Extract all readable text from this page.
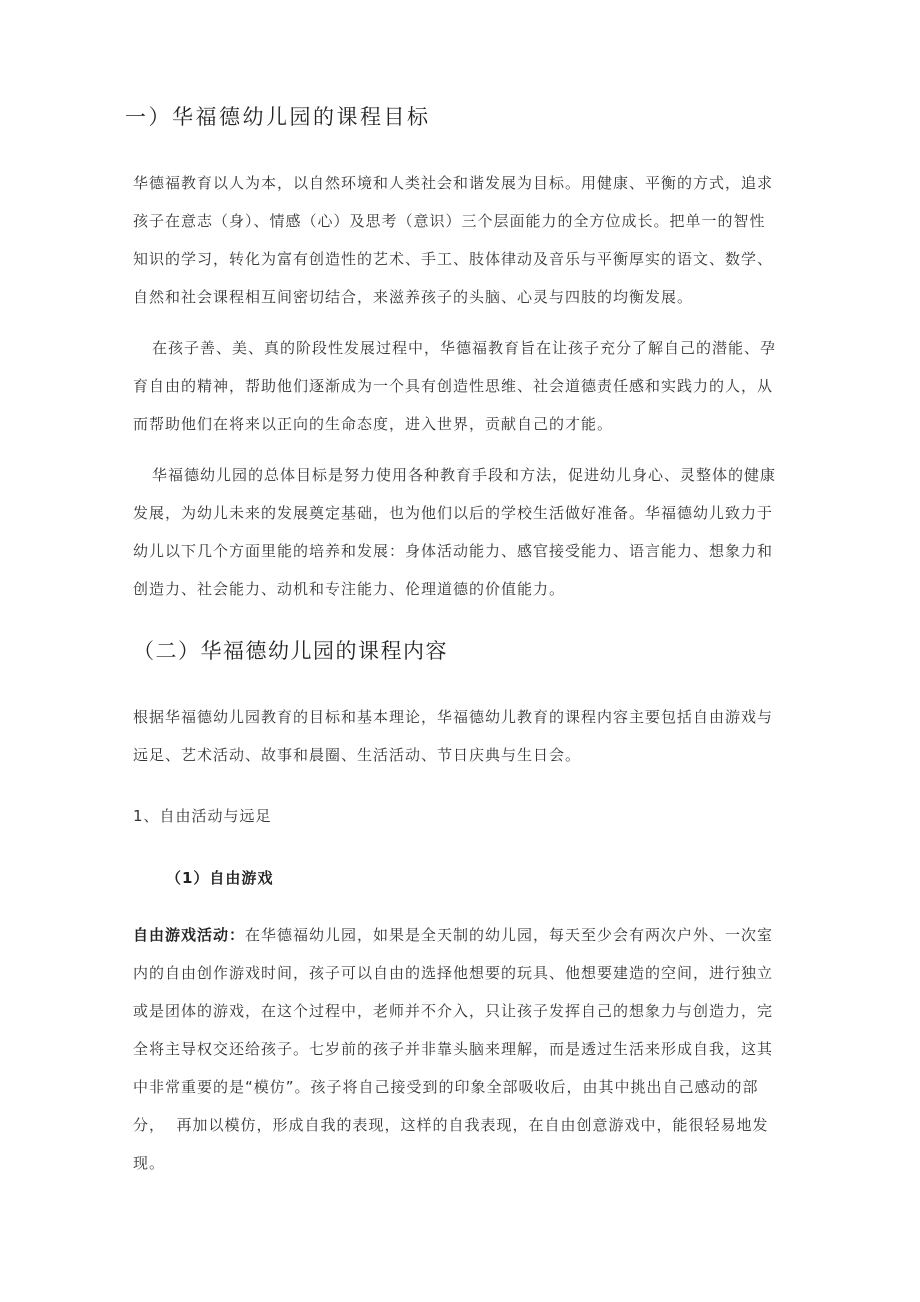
一）华福德幼儿园的课程目标
华德福教育以人为本，以自然环境和人类社会和谐发展为目标。用健康、平衡的方式，追求
孩子在意志（身）、情感（心）及思考（意识）三个层面能力的全方位成长。把单一的智性
知识的学习，转化为富有创造性的艺术、手工、肢体律动及音乐与平衡厚实的语文、数学、
自然和社会课程相互间密切结合，来滋养孩子的头脑、心灵与四肢的均衡发展。
在孩子善、美、真的阶段性发展过程中，华德福教育旨在让孩子充分了解自己的潜能、孕
育自由的精神，帮助他们逐渐成为一个具有创造性思维、社会道德责任感和实践力的人，从
而帮助他们在将来以正向的生命态度，进入世界，贡献自己的才能。
华福德幼儿园的总体目标是努力使用各种教育手段和方法，促进幼儿身心、灵整体的健康
发展，为幼儿未来的发展奠定基础，也为他们以后的学校生活做好准备。华福德幼儿致力于
幼儿以下几个方面里能的培养和发展：身体活动能力、感官接受能力、语言能力、想象力和
创造力、社会能力、动机和专注能力、伦理道德的价值能力。
（二）华福德幼儿园的课程内容
根据华福德幼儿园教育的目标和基本理论，华福德幼儿教育的课程内容主要包括自由游戏与
远足、艺术活动、故事和晨圈、生活活动、节日庆典与生日会。
1、自由活动与远足
（1）自由游戏
自由游戏活动：在华德福幼儿园，如果是全天制的幼儿园，每天至少会有两次户外、一次室
内的自由创作游戏时间，孩子可以自由的选择他想要的玩具、他想要建造的空间，进行独立
或是团体的游戏，在这个过程中，老师并不介入，只让孩子发挥自己的想象力与创造力，完
全将主导权交还给孩子。七岁前的孩子并非靠头脑来理解，而是透过生活来形成自我，这其
中非常重要的是“模仿”。孩子将自己接受到的印象全部吸收后，由其中挑出自己感动的部
分，  再加以模仿，形成自我的表现，这样的自我表现，在自由创意游戏中，能很轻易地发
现。
